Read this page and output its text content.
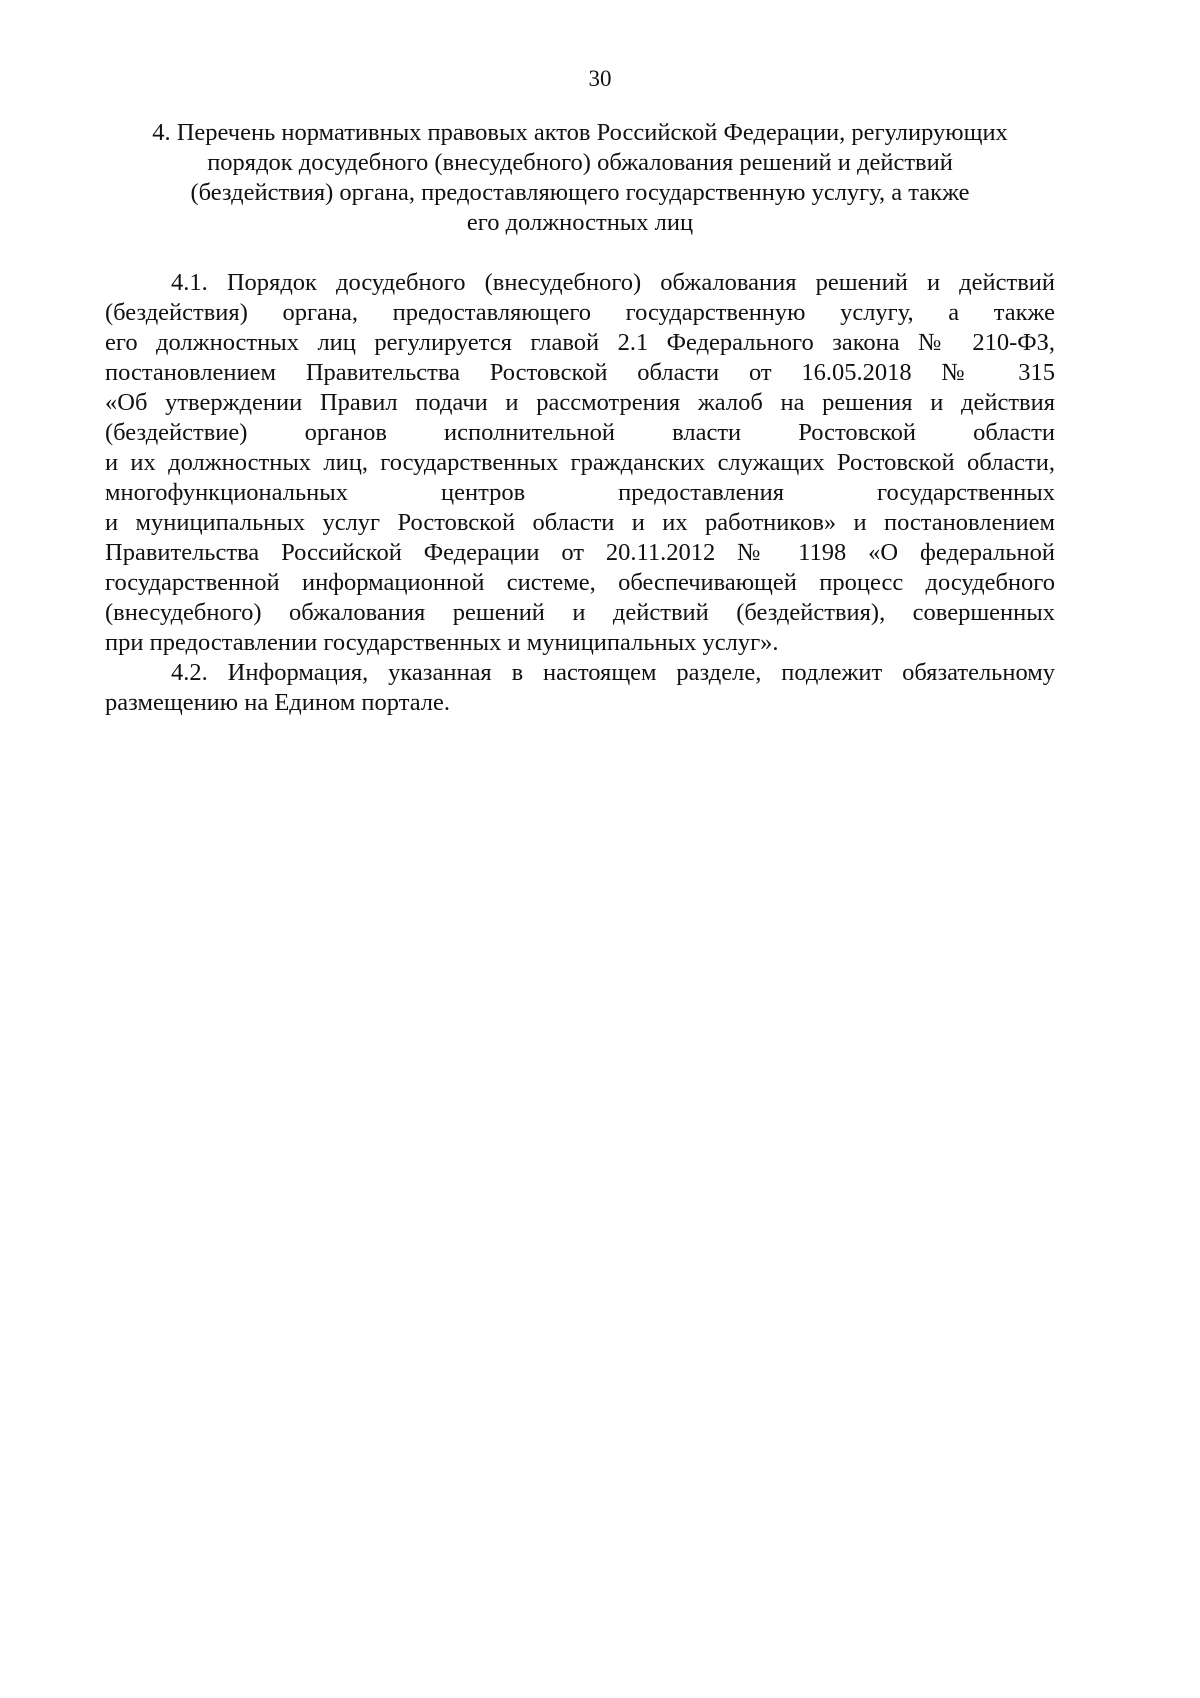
30
4. Перечень нормативных правовых актов Российской Федерации, регулирующих
порядок досудебного (внесудебного) обжалования решений и действий
(бездействия) органа, предоставляющего государственную услугу, а также
его должностных лиц
4.1. Порядок досудебного (внесудебного) обжалования решений и действий
(бездействия) органа, предоставляющего государственную услугу, а также
его должностных лиц регулируется главой 2.1 Федерального закона № 210-ФЗ,
постановлением Правительства Ростовской области от 16.05.2018 № 315
«Об утверждении Правил подачи и рассмотрения жалоб на решения и действия
(бездействие) органов исполнительной власти Ростовской области
и их должностных лиц, государственных гражданских служащих Ростовской области,
многофункциональных центров предоставления государственных
и муниципальных услуг Ростовской области и их работников» и постановлением
Правительства Российской Федерации от 20.11.2012 № 1198 «О федеральной
государственной информационной системе, обеспечивающей процесс досудебного
(внесудебного) обжалования решений и действий (бездействия), совершенных
при предоставлении государственных и муниципальных услуг».
4.2. Информация, указанная в настоящем разделе, подлежит обязательному
размещению на Едином портале.
